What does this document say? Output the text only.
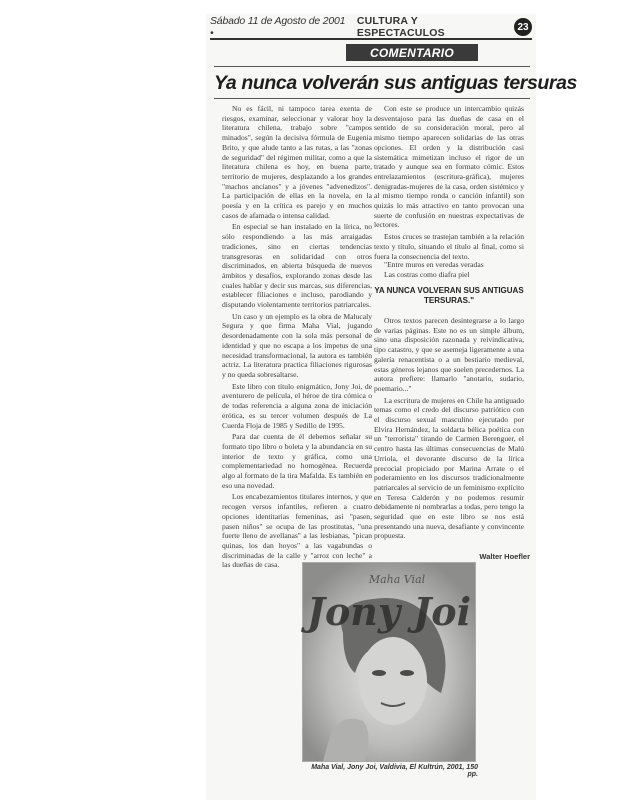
Sábado 11 de Agosto de 2001 •
CULTURA Y ESPECTACULOS	23
COMENTARIO
Ya nunca volverán sus antiguas tersuras

No es fácil, ni tampoco tarea exenta de riesgos, examinar, seleccionar y valorar hoy la literatura chilena, trabajo sobre "campos minados", según la decisiva fórmula de Eugenia Brito, y que alude tanto a las rutas, a las "zonas de seguridad" del régimen militar, como a que la literatura chilena es hoy, en buena parte, territorio de mujeres, desplazando a los grandes "machos ancianos" y a jóvenes "advenedizos". La participación de ellas en la novela, en la poesía y en la crítica es parejo y en muchos casos de afamada o intensa calidad.

En especial se han instalado en la lírica, no sólo respondiendo a las más arraigadas tradiciones, sino en ciertas tendencias transgresoras en solidaridad con otros discriminados, en abierta búsqueda de nuevos ámbitos y desafíos, explorando zonas desde las cuales hablar y decir sus marcas, sus diferencias, establecer filiaciones e incluso, parodiando y disputando violentamente territorios patriarcales.

Un caso y un ejemplo es la obra de Malucaly Segura y que firma Maha Vial, jugando desordenadamente con la sola más personal de identidad y que no escapa a los ímpetus de una necesidad transformacional, la autora es también actriz. La literatura practica filiaciones rigurosas y no queda sobresaltarse.

Este libro con título enigmático, Jony Joi, de aventurero de película, el héroe de tira cómica o de todas referencia a alguna zona de iniciación erótica, es su tercer volumen después de La Cuerda Floja de 1985 y Sedillo de 1995.

Para dar cuenta de él debemos señalar su formato tipo libro o boleta y la abundancia en su interior de texto y gráfica, como una complementariedad no homogénea. Recuerda algo al formato de la tira Mafalda. Es también en eso una novedad.

Los encabezamientos titulares internos, y que recogen versos infantiles, refieren a cuatro opciones identitarias femeninas, así "pasen, pasen niños" se ocupa de las prostitutas, "una fuerte lleno de avellanas" a las lesbianas, "pican quinas, los dan hoyos" a las vagabundas o discriminadas de la calle y "arroz con leche" a las dueñas de casa.

Con este se produce un intercambio quizás desventajoso para las dueñas de casa en el sentido de su consideración moral, pero al mismo tiempo aparecen solidarias de las otras opciones. El orden y la distribución casi sistemática mimetizan incluso el rigor de un tratado y aunque sea en formato cómic. Estos entrelazamientos (escritura-gráfica), mujeres denigradas-mujeres de la casa, orden sistémico y al mismo tiempo ronda o canción infantil) son quizás lo más atractivo en tanto provocan una suerte de confusión en nuestras expectativas de lectores.

Estos cruces se trastejan también a la relación texto y título, situando el título al final, como si fuera la consecuencia del texto.

"Entre muros en veredas veradas
Las costras como diafra piel
YA NUNCA VOLVERAN SUS ANTIGUAS TERSURAS."

Otros textos parecen desintegrarse a lo largo de varias páginas. Este no es un simple álbum, sino una disposición razonada y reivindicativa, tipo catastro, y que se asemeja ligeramente a una galería renacentista o a un bestiario medieval, estas géneros lejanos que suelen precedernos. La autora prefiere: llamarlo "anotario, sudario, poemario..."

La escritura de mujeres en Chile ha antiguado temas como el credo del discurso patriótico con el discurso sexual masculino ejecutado por Elvira Hernández, la soldarta bélica poética con un "terrorista" tirando de Carmen Berenguer, el centro hasta las últimas consecuencias de Malú Urriola, el devorante discurso de la lírica precocial propiciado por Marina Arrate o el poderamiento en los discursos tradicionalmente patriarcales al servicio de un feminismo explícito en Teresa Calderón y no podemos resumir debidamente ni nombrarlas a todas, pero tengo la seguridad que en este libro se nos está presentando una nueva, desafiante y convincente propuesta.

Walter Hoefler
Jony Joi
Maha Vial
Maha Vial, Jony Joi, Valdivia, El Kultrún, 2001, 150 pp.
